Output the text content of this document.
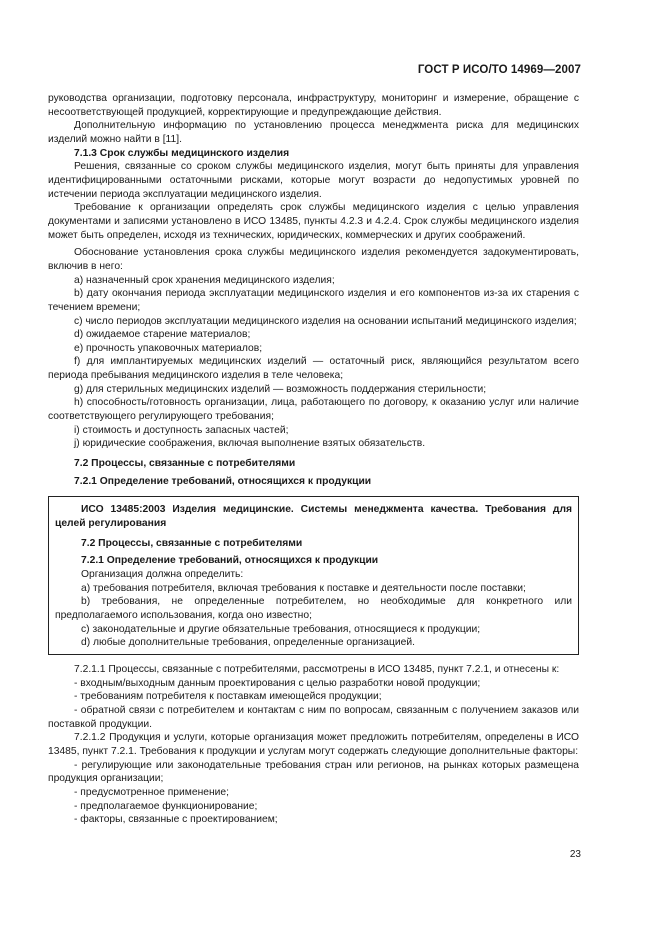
ГОСТ Р ИСО/ТО 14969—2007

руководства организации, подготовку персонала, инфраструктуру, мониторинг и измерение, обращение с несоответствующей продукцией, корректирующие и предупреждающие действия.

Дополнительную информацию по установлению процесса менеджмента риска для медицинских изделий можно найти в [11].

7.1.3 Срок службы медицинского изделия

Решения, связанные со сроком службы медицинского изделия, могут быть приняты для управления идентифицированными остаточными рисками, которые могут возрасти до недопустимых уровней по истечении периода эксплуатации медицинского изделия.

Требование к организации определять срок службы медицинского изделия с целью управления документами и записями установлено в ИСО 13485, пункты 4.2.3 и 4.2.4. Срок службы медицинского изделия может быть определен, исходя из технических, юридических, коммерческих и других соображений.

Обоснование установления срока службы медицинского изделия рекомендуется задокументировать, включив в него:

a) назначенный срок хранения медицинского изделия;

b) дату окончания периода эксплуатации медицинского изделия и его компонентов из-за их старения с течением времени;

c) число периодов эксплуатации медицинского изделия на основании испытаний медицинского изделия;

d) ожидаемое старение материалов;

e) прочность упаковочных материалов;

f) для имплантируемых медицинских изделий — остаточный риск, являющийся результатом всего периода пребывания медицинского изделия в теле человека;

g) для стерильных медицинских изделий — возможность поддержания стерильности;

h) способность/готовность организации, лица, работающего по договору, к оказанию услуг или наличие соответствующего регулирующего требования;

i) стоимость и доступность запасных частей;

j) юридические соображения, включая выполнение взятых обязательств.

7.2 Процессы, связанные с потребителями

7.2.1 Определение требований, относящихся к продукции

ИСО 13485:2003 Изделия медицинские. Системы менеджмента качества. Требования для целей регулирования

7.2 Процессы, связанные с потребителями

7.2.1 Определение требований, относящихся к продукции

Организация должна определить:

a) требования потребителя, включая требования к поставке и деятельности после поставки;

b) требования, не определенные потребителем, но необходимые для конкретного или предполагаемого использования, когда оно известно;

c) законодательные и другие обязательные требования, относящиеся к продукции;

d) любые дополнительные требования, определенные организацией.

7.2.1.1 Процессы, связанные с потребителями, рассмотрены в ИСО 13485, пункт 7.2.1, и отнесены к:

- входным/выходным данным проектирования с целью разработки новой продукции;

- требованиям потребителя к поставкам имеющейся продукции;

- обратной связи с потребителем и контактам с ним по вопросам, связанным с получением заказов или поставкой продукции.

7.2.1.2 Продукция и услуги, которые организация может предложить потребителям, определены в ИСО 13485, пункт 7.2.1. Требования к продукции и услугам могут содержать следующие дополнительные факторы:

- регулирующие или законодательные требования стран или регионов, на рынках которых размещена продукция организации;

- предусмотренное применение;

- предполагаемое функционирование;

- факторы, связанные с проектированием;

23
